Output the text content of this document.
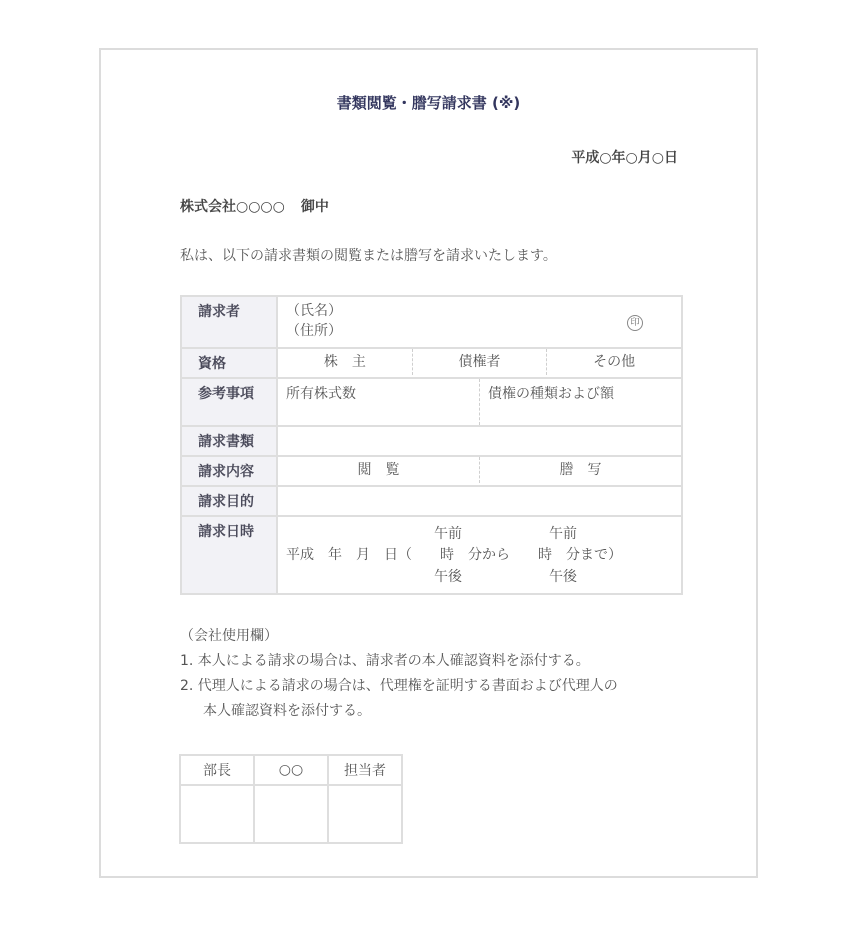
書類閲覧・謄写請求書 (※)
平成○年○月○日
株式会社○○○○ 御中
私は、以下の請求書類の閲覧または謄写を請求いたします。
請求者	（氏名）
（住所） 印

資格	株　主 債権者 その他

参考事項	所有株式数 債権の種類および額

請求書類	
請求内容	閲　覧 謄　写

請求目的	
請求日時	午前 午前
平成　年　月　日（　　時　分から　　時　分まで）
午後 午後
（会社使用欄）
1. 本人による請求の場合は、請求者の本人確認資料を添付する。
2. 代理人による請求の場合は、代理権を証明する書面および代理人の
本人確認資料を添付する。
部長	○○	担当者
